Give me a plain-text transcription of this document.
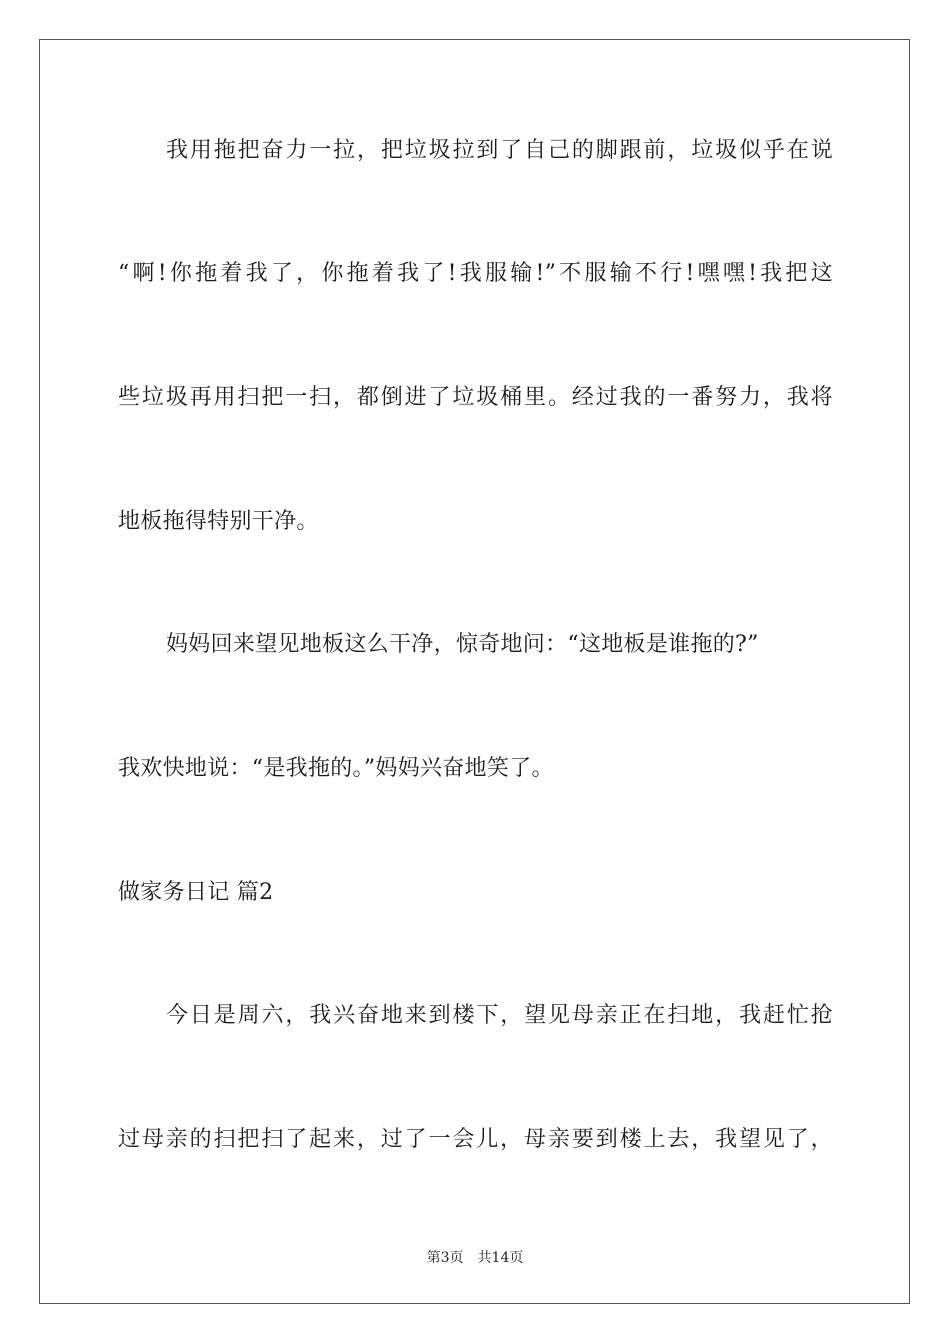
我用拖把奋力一拉，把垃圾拉到了自己的脚跟前，垃圾似乎在说
“啊!你拖着我了，你拖着我了!我服输!”不服输不行!嘿嘿!我把这
些垃圾再用扫把一扫，都倒进了垃圾桶里。经过我的一番努力，我将
地板拖得特别干净。
妈妈回来望见地板这么干净，惊奇地问：“这地板是谁拖的?”
我欢快地说：“是我拖的。”妈妈兴奋地笑了。
做家务日记 篇2
今日是周六，我兴奋地来到楼下，望见母亲正在扫地，我赶忙抢
过母亲的扫把扫了起来，过了一会儿，母亲要到楼上去，我望见了，
第3页 共14页
